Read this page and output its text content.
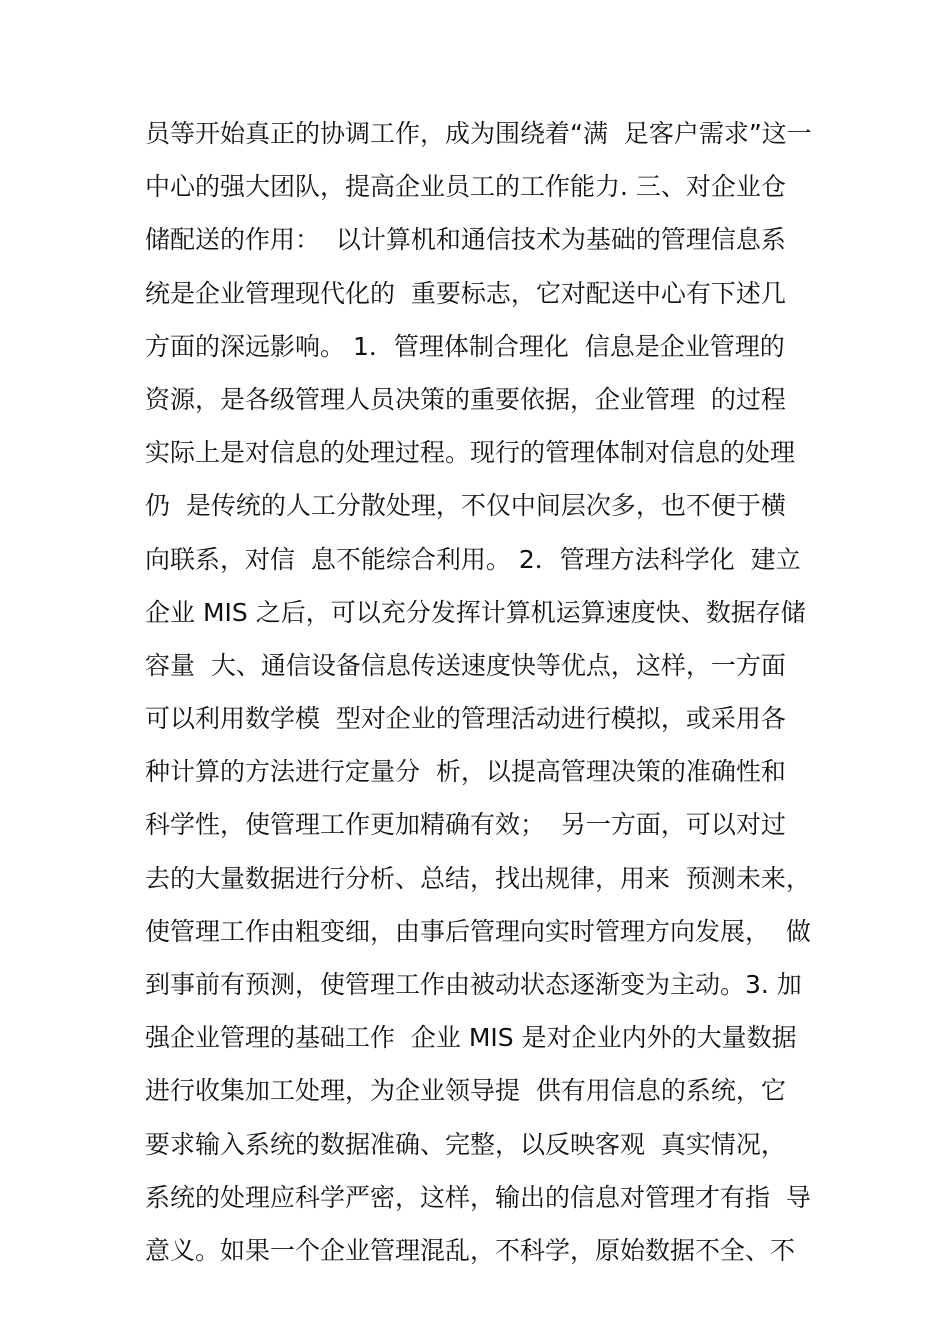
员等开始真正的协调工作，成为围绕着“满  足客户需求”这一
中心的强大团队，提高企业员工的工作能力. 三、对企业仓
储配送的作用：  以计算机和通信技术为基础的管理信息系
统是企业管理现代化的  重要标志，它对配送中心有下述几
方面的深远影响。 1．管理体制合理化  信息是企业管理的
资源，是各级管理人员决策的重要依据，企业管理  的过程
实际上是对信息的处理过程。现行的管理体制对信息的处理
仍  是传统的人工分散处理，不仅中间层次多，也不便于横
向联系，对信  息不能综合利用。 2．管理方法科学化  建立
企业 MIS 之后，可以充分发挥计算机运算速度快、数据存储
容量  大、通信设备信息传送速度快等优点，这样，一方面
可以利用数学模  型对企业的管理活动进行模拟，或采用各
种计算的方法进行定量分  析，以提高管理决策的准确性和
科学性，使管理工作更加精确有效；  另一方面，可以对过
去的大量数据进行分析、总结，找出规律，用来  预测未来，
使管理工作由粗变细，由事后管理向实时管理方向发展，  做
到事前有预测，使管理工作由被动状态逐渐变为主动。3. 加
强企业管理的基础工作  企业 MIS 是对企业内外的大量数据
进行收集加工处理，为企业领导提  供有用信息的系统，它
要求输入系统的数据准确、完整，以反映客观  真实情况，
系统的处理应科学严密，这样，输出的信息对管理才有指  导
意义。如果一个企业管理混乱，不科学，原始数据不全、不
